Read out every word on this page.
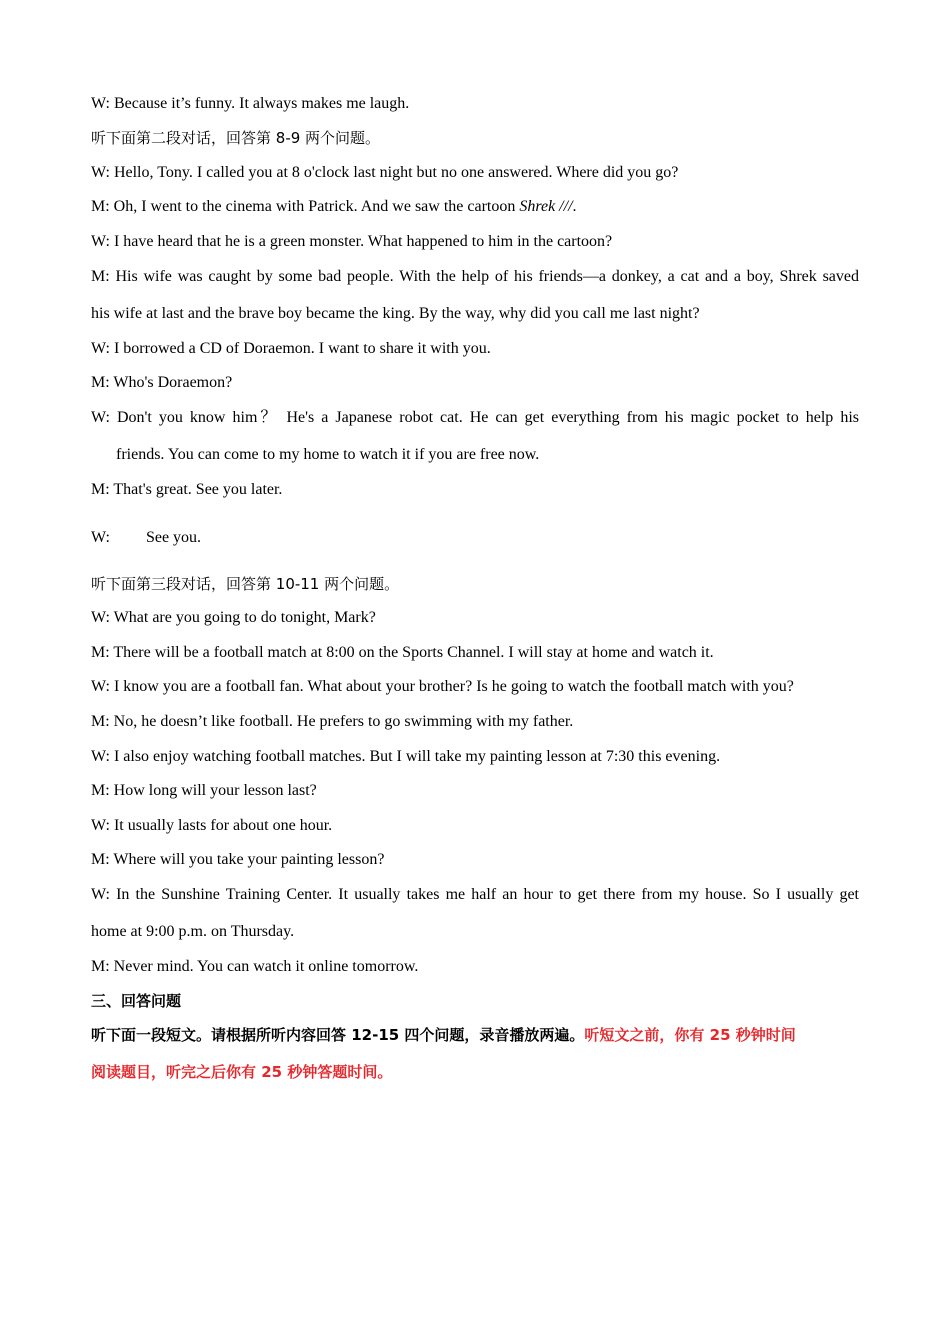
W: Because it’s funny. It always makes me laugh.
听下面第二段对话，回答第 8-9 两个问题。
W: Hello, Tony. I called you at 8 o'clock last night but no one answered. Where did you go?
M: Oh, I went to the cinema with Patrick. And we saw the cartoon Shrek ///.
W: I have heard that he is a green monster. What happened to him in the cartoon?
M: His wife was caught by some bad people. With the help of his friends—a donkey, a cat and a boy, Shrek saved
his wife at last and the brave boy became the king. By the way, why did you call me last night?
W: I borrowed a CD of Doraemon. I want to share it with you.
M: Who's Doraemon?
W: Don't you know him？ He's a Japanese robot cat. He can get everything from his magic pocket to help his
friends. You can come to my home to watch it if you are free now.
M: That's great. See you later.
W: See you.
听下面第三段对话，回答第 10-11 两个问题。
W: What are you going to do tonight, Mark?
M: There will be a football match at 8:00 on the Sports Channel. I will stay at home and watch it.
W: I know you are a football fan. What about your brother? Is he going to watch the football match with you?
M: No, he doesn’t like football. He prefers to go swimming with my father.
W: I also enjoy watching football matches. But I will take my painting lesson at 7:30 this evening.
M: How long will your lesson last?
W: It usually lasts for about one hour.
M: Where will you take your painting lesson?
W: In the Sunshine Training Center. It usually takes me half an hour to get there from my house. So I usually get
home at 9:00 p.m. on Thursday.
M: Never mind. You can watch it online tomorrow.
三、回答问题
听下面一段短文。请根据所听内容回答 12-15 四个问题，录音播放两遍。听短文之前，你有 25 秒钟时间
阅读题目，听完之后你有 25 秒钟答题时间。
